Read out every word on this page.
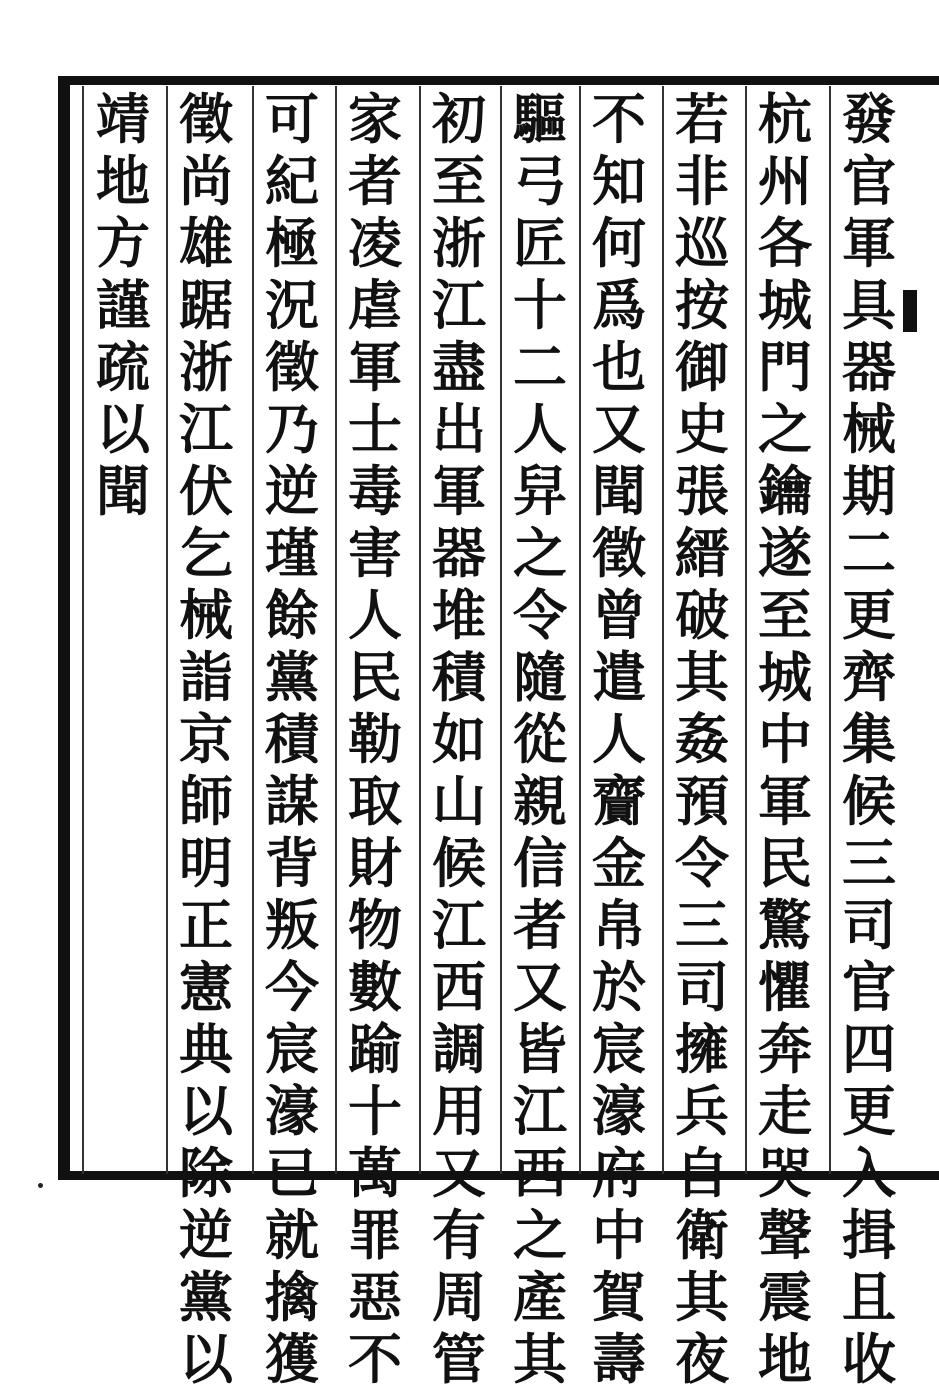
發
官
軍
具
器
械
期
二
更
齊
集
候
三
司
官
四
更
入
揖
且
收
杭
州
各
城
門
之
鑰
遂
至
城
中
軍
民
驚
懼
奔
走
哭
聲
震
地
若
非
巡
按
御
史
張
縉
破
其
姦
預
令
三
司
擁
兵
自
衛
其
夜
不
知
何
爲
也
又
聞
徵
曾
遣
人
齎
金
帛
於
宸
濠
府
中
賀
壽
驅
弓
匠
十
二
人
舁
之
令
隨
從
親
信
者
又
皆
江
西
之
產
其
初
至
浙
江
盡
出
軍
器
堆
積
如
山
候
江
西
調
用
又
有
周
管
家
者
凌
虐
軍
士
毒
害
人
民
勒
取
財
物
數
踰
十
萬
罪
惡
不
可
紀
極
況
徵
乃
逆
瑾
餘
黨
積
謀
背
叛
今
宸
濠
已
就
擒
獲
徵
尚
雄
踞
浙
江
伏
乞
械
詣
京
師
明
正
憲
典
以
除
逆
黨
以
靖
地
方
謹
疏
以
聞
